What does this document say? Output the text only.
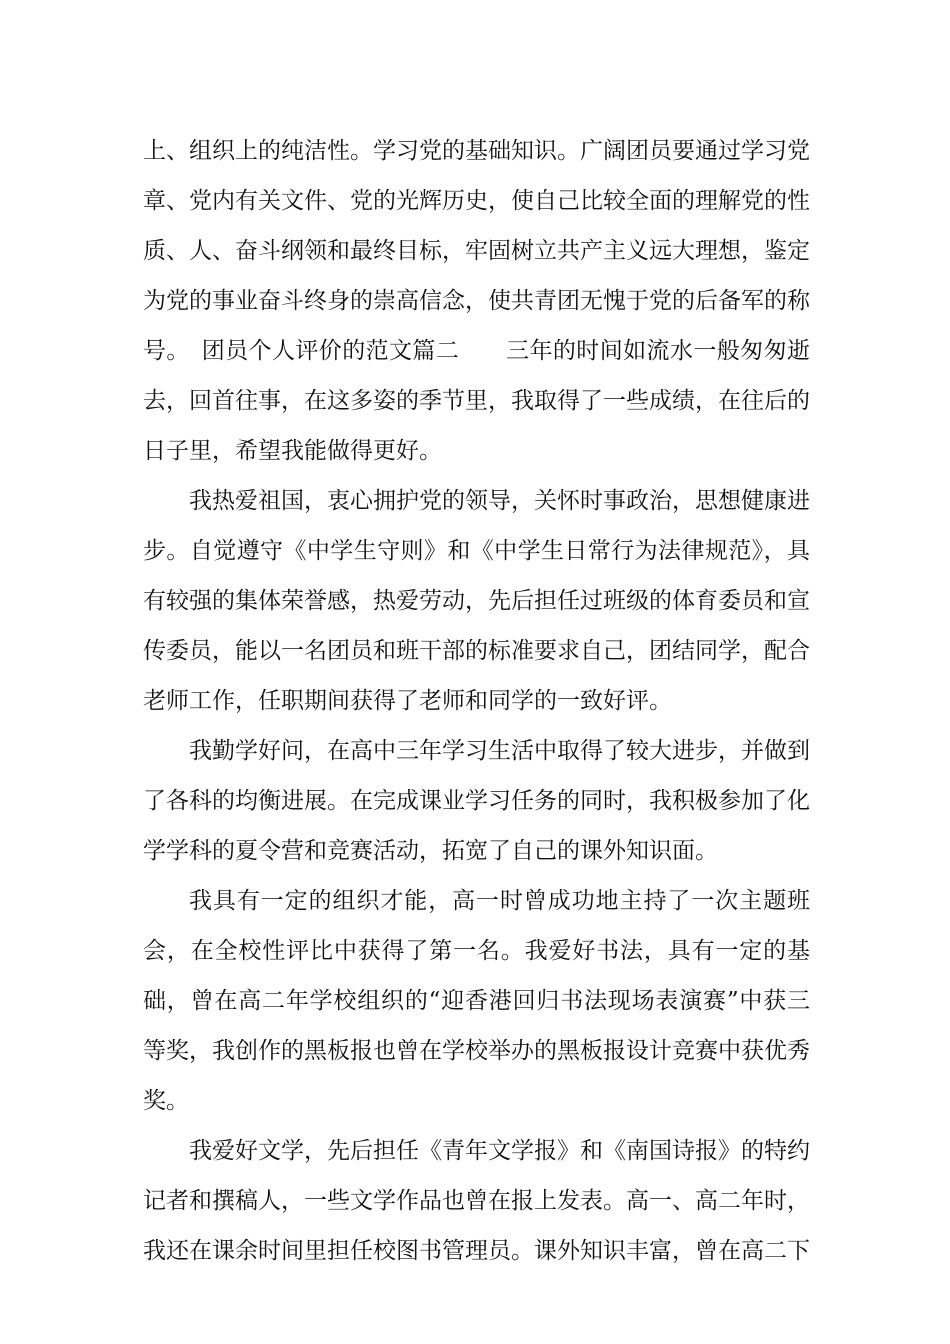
上、组织上的纯洁性。学习党的基础知识。广阔团员要通过学习党章、党内有关文件、党的光辉历史，使自己比较全面的理解党的性质、人、奋斗纲领和最终目标，牢固树立共产主义远大理想，鉴定为党的事业奋斗终身的崇高信念，使共青团无愧于党的后备军的称号。　团员个人评价的范文篇二　　三年的时间如流水一般匆匆逝去，回首往事，在这多姿的季节里，我取得了一些成绩，在往后的日子里，希望我能做得更好。

我热爱祖国，衷心拥护党的领导，关怀时事政治，思想健康进步。自觉遵守《中学生守则》和《中学生日常行为法律规范》，具有较强的集体荣誉感，热爱劳动，先后担任过班级的体育委员和宣传委员，能以一名团员和班干部的标准要求自己，团结同学，配合老师工作，任职期间获得了老师和同学的一致好评。

我勤学好问，在高中三年学习生活中取得了较大进步，并做到了各科的均衡进展。在完成课业学习任务的同时，我积极参加了化学学科的夏令营和竞赛活动，拓宽了自己的课外知识面。

我具有一定的组织才能，高一时曾成功地主持了一次主题班会，在全校性评比中获得了第一名。我爱好书法，具有一定的基础，曾在高二年学校组织的“迎香港回归书法现场表演赛”中获三等奖，我创作的黑板报也曾在学校举办的黑板报设计竞赛中获优秀奖。

我爱好文学，先后担任《青年文学报》和《南国诗报》的特约记者和撰稿人，一些文学作品也曾在报上发表。高一、高二年时，我还在课余时间里担任校图书管理员。课外知识丰富，曾在高二下
